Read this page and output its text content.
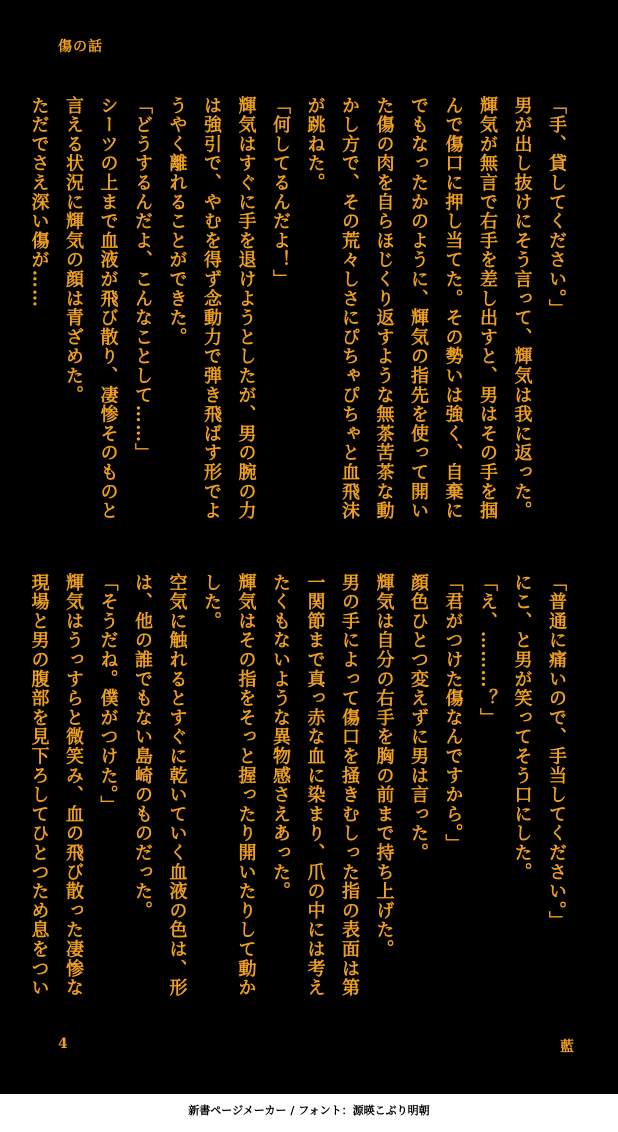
傷の話

「手、貸してください。」
男が出し抜けにそう言って、輝気は我に返った。
輝気が無言で右手を差し出すと、男はその手を掴
んで傷口に押し当てた。その勢いは強く、自棄に
でもなったかのように、輝気の指先を使って開い
た傷の肉を自らほじくり返すような無茶苦茶な動
かし方で、その荒々しさにぴちゃぴちゃと血飛沫
が跳ねた。
「何してるんだよ！」
輝気はすぐに手を退けようとしたが、男の腕の力
は強引で、やむを得ず念動力で弾き飛ばす形でよ
うやく離れることができた。
「どうするんだよ、こんなことして……」
シーツの上まで血液が飛び散り、凄惨そのものと
言える状況に輝気の顔は青ざめた。
ただでさえ深い傷が……

「普通に痛いので、手当してください。」
にこ、と男が笑ってそう口にした。
「え、………？」
「君がつけた傷なんですから。」
顔色ひとつ変えずに男は言った。
輝気は自分の右手を胸の前まで持ち上げた。
男の手によって傷口を掻きむしった指の表面は第
一関節まで真っ赤な血に染まり、爪の中には考え
たくもないような異物感さえあった。
輝気はその指をそっと握ったり開いたりして動か
した。
空気に触れるとすぐに乾いていく血液の色は、形
は、他の誰でもない島崎のものだった。
「そうだね。僕がつけた。」
輝気はうっすらと微笑み、血の飛び散った凄惨な
現場と男の腹部を見下ろしてひとつため息をつい

4	藍
新書ページメーカー / フォント：源暎こぶり明朝
